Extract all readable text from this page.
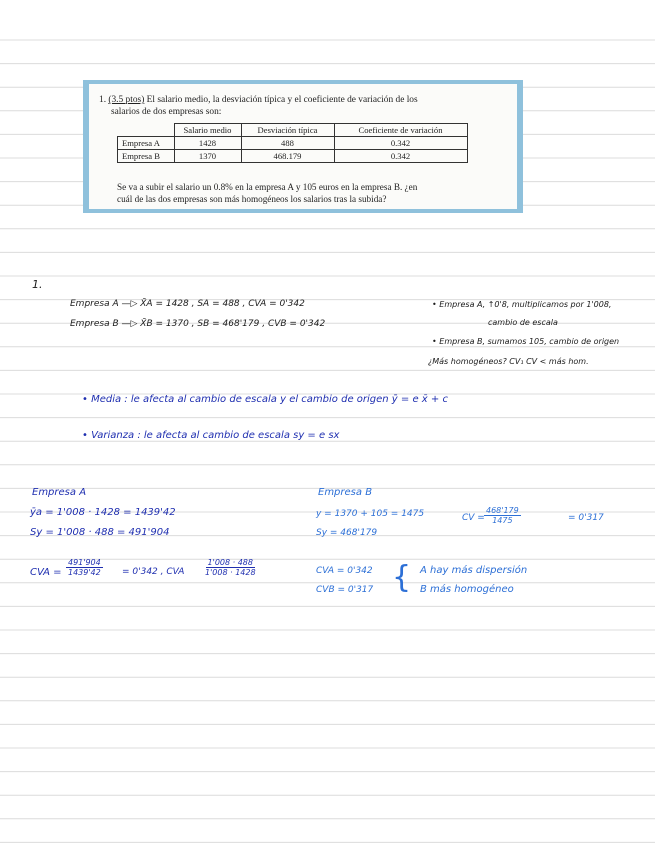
1. (3.5 ptos) El salario medio, la desviación típica y el coeficiente de variación de los
salarios de dos empresas son:
	Salario medio	Desviación típica	Coeficiente de variación
Empresa A	1428	488	0.342
Empresa B	1370	468.179	0.342
Se va a subir el salario un 0.8% en la empresa A y 105 euros en la empresa B. ¿en
cuál de las dos empresas son más homogéneos los salarios tras la subida?
1.
Empresa A —▷ X̄A = 1428 , SA = 488 , CVA = 0'342
Empresa B —▷ X̄B = 1370 , SB = 468'179 , CVB = 0'342
• Empresa A, ↑0'8, multiplicamos por 1'008,
cambio de escala
• Empresa B, sumamos 105, cambio de origen
¿Más homogéneos? CV₁ CV < más hom.
• Media : le afecta al cambio de escala y el cambio de origen ȳ = e x̄ + c
• Varianza : le afecta al cambio de escala sy = e sx
Empresa A
ȳa = 1'008 · 1428 = 1439'42
Sy = 1'008 · 488 = 491'904
CVA = $\frac{491'904}{1439'42} = 0'342$ , CVA $\frac{1'008 \cdot 488}{1'008 \cdot 1428}$
Empresa B
y = 1370 + 105 = 1475
Sy = 468'179
CV = $\frac{468'179}{1475}$	= 0'317
CVA = 0'342
CVB = 0'317 { A hay más dispersión
B más homogéneo
